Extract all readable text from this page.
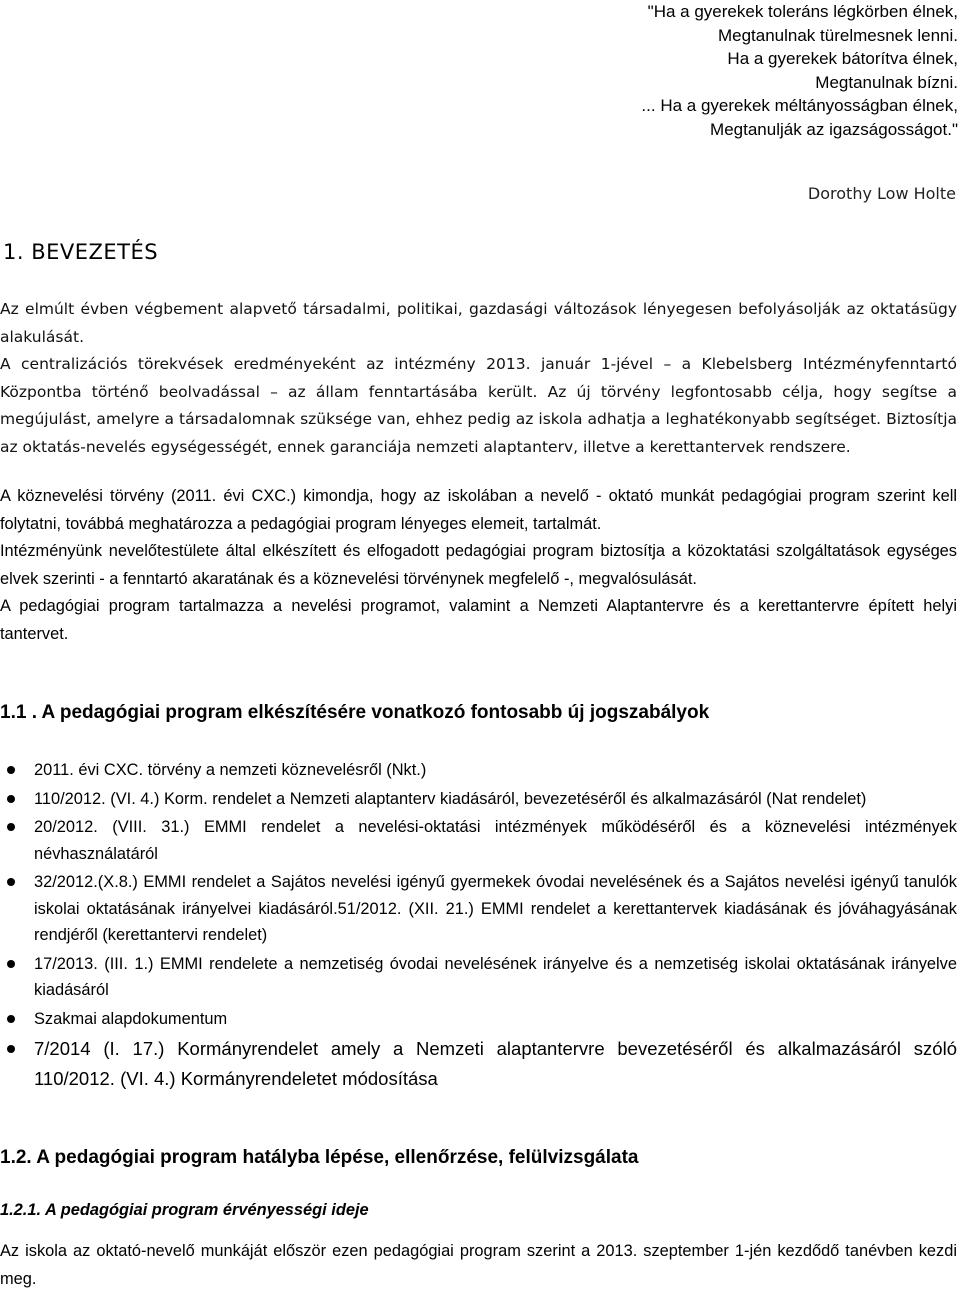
"Ha a gyerekek toleráns légkörben élnek,
Megtanulnak türelmesnek lenni.
Ha a gyerekek bátorítva élnek,
Megtanulnak bízni.
... Ha a gyerekek méltányosságban élnek,
Megtanulják az igazságosságot."
Dorothy Low Holte
1. BEVEZETÉS

Az elmúlt évben végbement alapvető társadalmi, politikai, gazdasági változások lényegesen befolyásolják az oktatásügy alakulását.

A centralizációs törekvések eredményeként az intézmény 2013. január 1-jével – a Klebelsberg Intézményfenntartó Központba történő beolvadással – az állam fenntartásába került. Az új törvény legfontosabb célja, hogy segítse a megújulást, amelyre a társadalomnak szüksége van, ehhez pedig az iskola adhatja a leghatékonyabb segítséget. Biztosítja az oktatás-nevelés egységességét, ennek garanciája nemzeti alaptanterv, illetve a kerettantervek rendszere.

A köznevelési törvény (2011. évi CXC.) kimondja, hogy az iskolában a nevelő - oktató munkát pedagógiai program szerint kell folytatni, továbbá meghatározza a pedagógiai program lényeges elemeit, tartalmát.

Intézményünk nevelőtestülete által elkészített és elfogadott pedagógiai program biztosítja a közoktatási szolgáltatások egységes elvek szerinti - a fenntartó akaratának és a köznevelési törvénynek megfelelő -, megvalósulását.

A pedagógiai program tartalmazza a nevelési programot, valamint a Nemzeti Alaptantervre és a kerettantervre épített helyi tantervet.

1.1 . A pedagógiai program elkészítésére vonatkozó fontosabb új jogszabályok
2011. évi CXC. törvény a nemzeti köznevelésről (Nkt.)
110/2012. (VI. 4.) Korm. rendelet a Nemzeti alaptanterv kiadásáról, bevezetéséről és alkalmazásáról (Nat rendelet)
20/2012. (VIII. 31.) EMMI rendelet a nevelési-oktatási intézmények működéséről és a köznevelési intézmények névhasználatáról
32/2012.(X.8.) EMMI rendelet a Sajátos nevelési igényű gyermekek óvodai nevelésének és a Sajátos nevelési igényű tanulók iskolai oktatásának irányelvei kiadásáról.51/2012. (XII. 21.) EMMI rendelet a kerettantervek kiadásának és jóváhagyásának rendjéről (kerettantervi rendelet)
17/2013. (III. 1.) EMMI rendelete a nemzetiség óvodai nevelésének irányelve és a nemzetiség iskolai oktatásának irányelve kiadásáról
Szakmai alapdokumentum
7/2014 (I. 17.) Kormányrendelet amely a Nemzeti alaptantervre bevezetéséről és alkalmazásáról szóló 110/2012. (VI. 4.) Kormányrendeletet módosítása
1.2. A pedagógiai program hatályba lépése, ellenőrzése, felülvizsgálata
1.2.1. A pedagógiai program érvényességi ideje

Az iskola az oktató-nevelő munkáját először ezen pedagógiai program szerint a 2013. szeptember 1-jén kezdődő tanévben kezdi meg.
